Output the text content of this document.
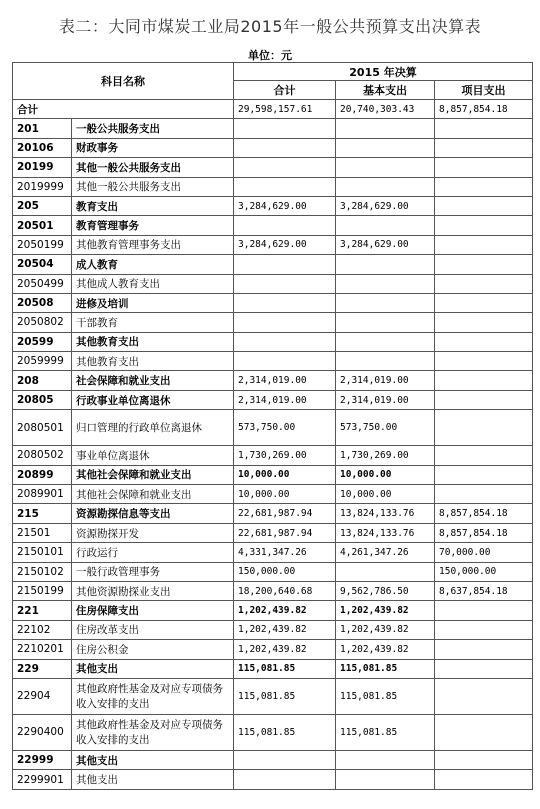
表二：大同市煤炭工业局2015年一般公共预算支出决算表
单位：元
科目名称		2015 年决算		
		合计	基本支出	项目支出
合计		29,598,157.61	20,740,303.43	8,857,854.18
201	一般公共服务支出			
20106	财政事务			
20199	其他一般公共服务支出			
2019999	其他一般公共服务支出			
205	教育支出	3,284,629.00	3,284,629.00	
20501	教育管理事务			
2050199	其他教育管理事务支出	3,284,629.00	3,284,629.00	
20504	成人教育			
2050499	其他成人教育支出			
20508	进修及培训			
2050802	干部教育			
20599	其他教育支出			
2059999	其他教育支出			
208	社会保障和就业支出	2,314,019.00	2,314,019.00	
20805	行政事业单位离退休	2,314,019.00	2,314,019.00	
2080501	归口管理的行政单位离退休	573,750.00	573,750.00	
2080502	事业单位离退休	1,730,269.00	1,730,269.00	
20899	其他社会保障和就业支出	10,000.00	10,000.00	
2089901	其他社会保障和就业支出	10,000.00	10,000.00	
215	资源勘探信息等支出	22,681,987.94	13,824,133.76	8,857,854.18
21501	资源勘探开发	22,681,987.94	13,824,133.76	8,857,854.18
2150101	行政运行	4,331,347.26	4,261,347.26	70,000.00
2150102	一般行政管理事务	150,000.00		150,000.00
2150199	其他资源勘探业支出	18,200,640.68	9,562,786.50	8,637,854.18
221	住房保障支出	1,202,439.82	1,202,439.82	
22102	住房改革支出	1,202,439.82	1,202,439.82	
2210201	住房公积金	1,202,439.82	1,202,439.82	
229	其他支出	115,081.85	115,081.85	
22904	其他政府性基金及对应专项债务收入安排的支出	115,081.85	115,081.85	
2290400	其他政府性基金及对应专项债务收入安排的支出	115,081.85	115,081.85	
22999	其他支出			
2299901	其他支出			
